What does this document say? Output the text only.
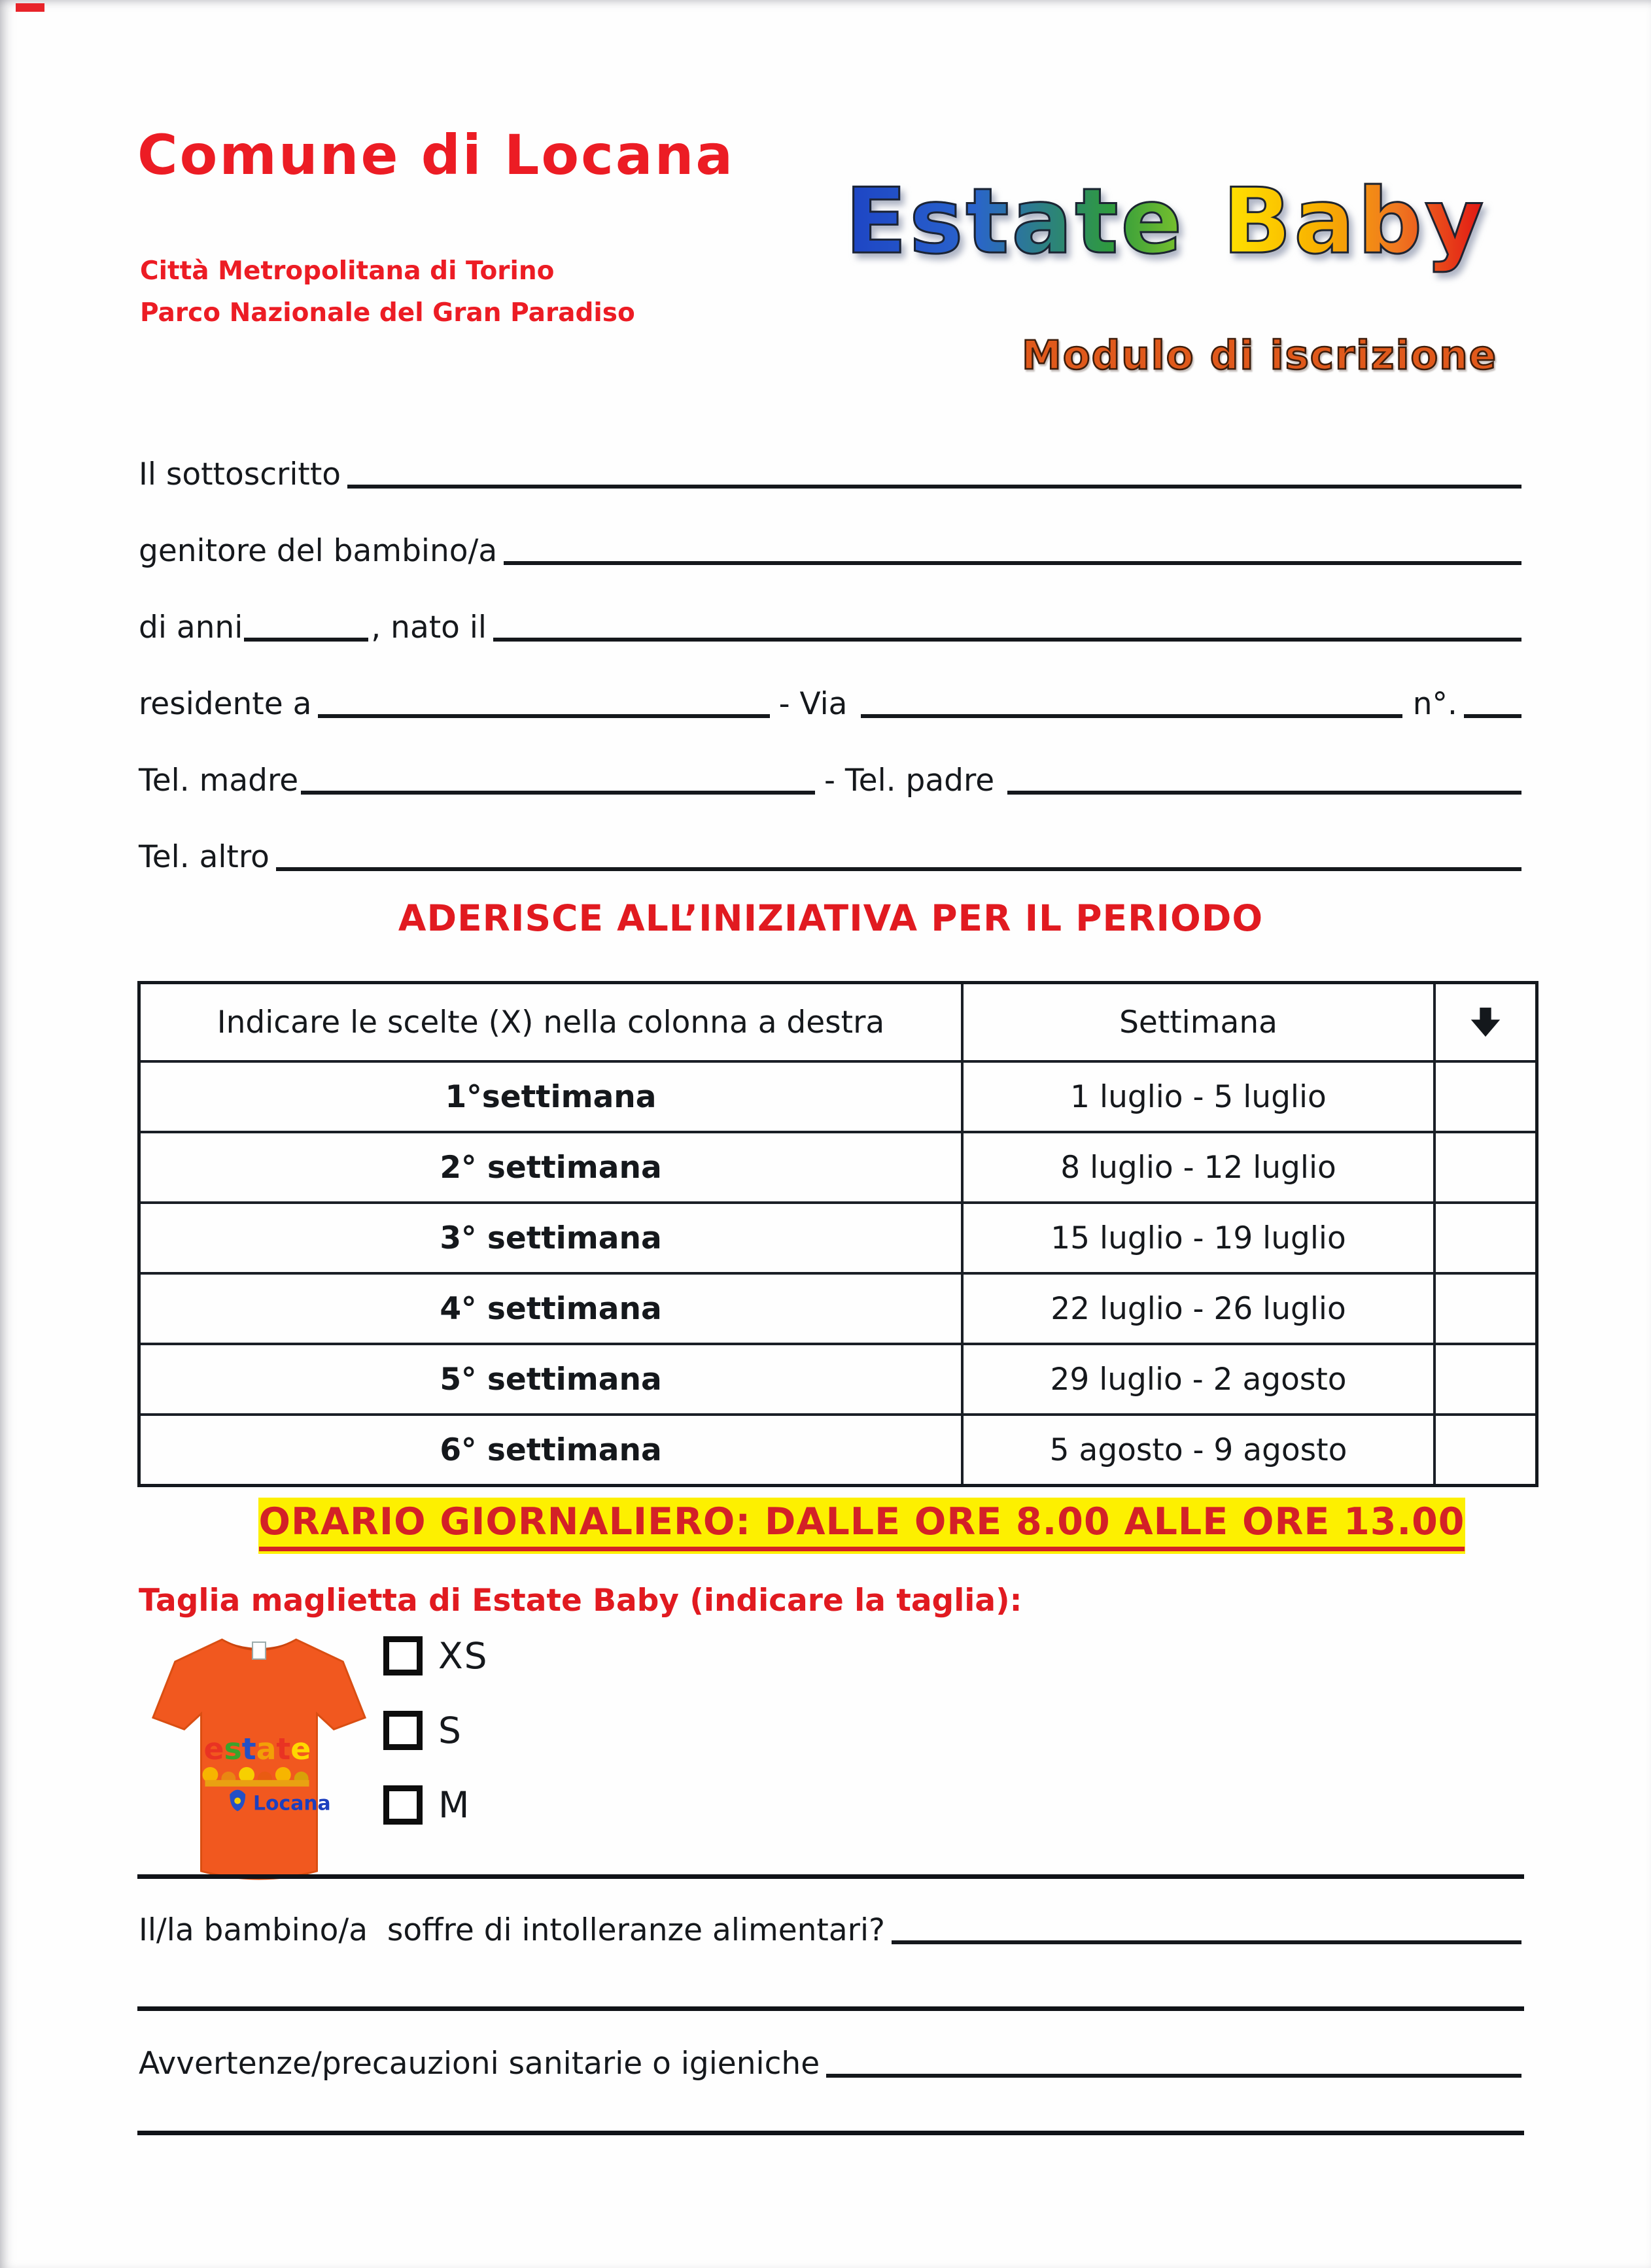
Comune di Locana
Città Metropolitana di Torino
Parco Nazionale del Gran Paradiso
Estate Baby
Modulo di iscrizione
Il sottoscritto
genitore del bambino/a
di anni	, nato il
residente a	- Via	n°.
Tel. madre	- Tel. padre
Tel. altro
ADERISCE ALL’INIZIATIVA PER IL PERIODO
Indicare le scelte (X) nella colonna a destra	Settimana	

1°settimana	1 luglio - 5 luglio	
2° settimana	8 luglio - 12 luglio	
3° settimana	15 luglio - 19 luglio	
4° settimana	22 luglio - 26 luglio	
5° settimana	29 luglio - 2 agosto	
6° settimana	5 agosto - 9 agosto	
ORARIO GIORNALIERO: DALLE ORE 8.00 ALLE ORE 13.00
Taglia maglietta di Estate Baby (indicare la taglia):
estate
Locana
XS
S
M
Il/la bambino/a  soffre di intolleranze alimentari?
Avvertenze/precauzioni sanitarie o igieniche
